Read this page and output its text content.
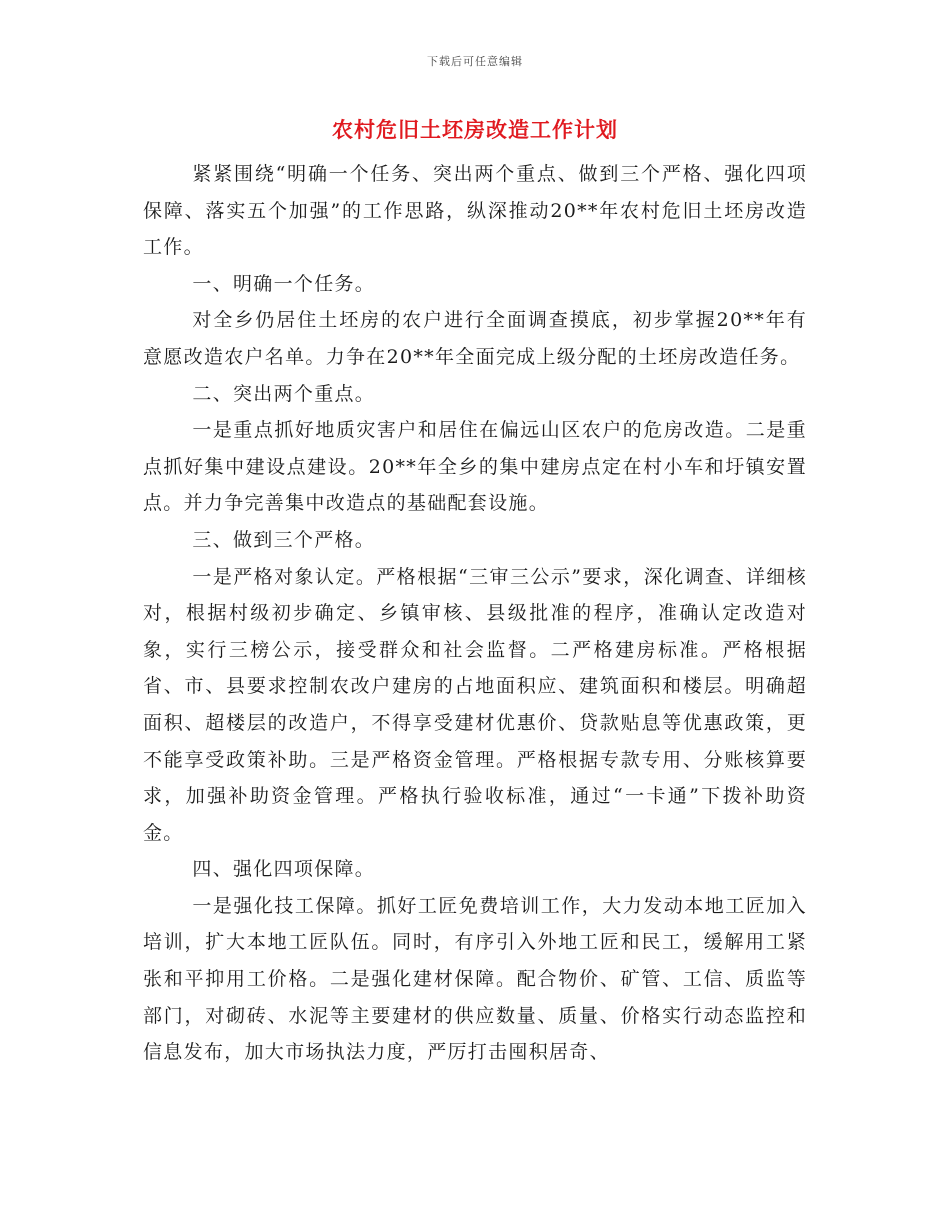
下载后可任意编辑
农村危旧土坯房改造工作计划

紧紧围绕“明确一个任务、突出两个重点、做到三个严格、强化四项保障、落实五个加强”的工作思路，纵深推动20**年农村危旧土坯房改造工作。

一、明确一个任务。

对全乡仍居住土坯房的农户进行全面调查摸底，初步掌握20**年有意愿改造农户名单。力争在20**年全面完成上级分配的土坯房改造任务。

二、突出两个重点。

一是重点抓好地质灾害户和居住在偏远山区农户的危房改造。二是重点抓好集中建设点建设。20**年全乡的集中建房点定在村小车和圩镇安置点。并力争完善集中改造点的基础配套设施。

三、做到三个严格。

一是严格对象认定。严格根据“三审三公示”要求，深化调查、详细核对，根据村级初步确定、乡镇审核、县级批准的程序，准确认定改造对象，实行三榜公示，接受群众和社会监督。二严格建房标准。严格根据省、市、县要求控制农改户建房的占地面积应、建筑面积和楼层。明确超面积、超楼层的改造户，不得享受建材优惠价、贷款贴息等优惠政策，更不能享受政策补助。三是严格资金管理。严格根据专款专用、分账核算要求，加强补助资金管理。严格执行验收标准，通过“一卡通”下拨补助资金。

四、强化四项保障。

一是强化技工保障。抓好工匠免费培训工作，大力发动本地工匠加入培训，扩大本地工匠队伍。同时，有序引入外地工匠和民工，缓解用工紧张和平抑用工价格。二是强化建材保障。配合物价、矿管、工信、质监等部门，对砌砖、水泥等主要建材的供应数量、质量、价格实行动态监控和信息发布，加大市场执法力度，严厉打击囤积居奇、
